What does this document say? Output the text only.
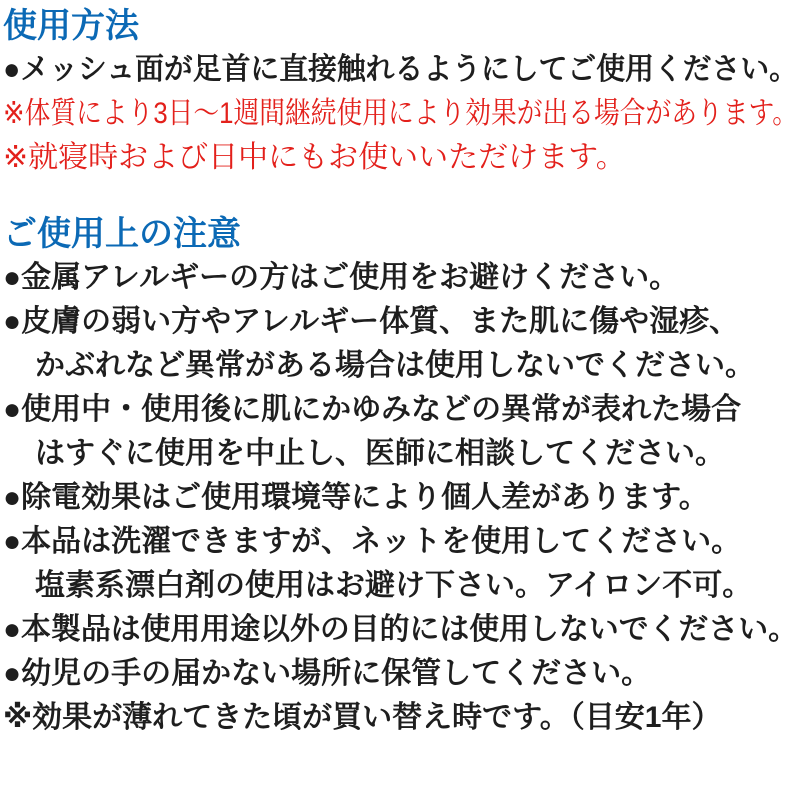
使用方法
●メッシュ面が足首に直接触れるようにしてご使用ください。
※体質により3日〜1週間継続使用により効果が出る場合があります。
※就寝時および日中にもお使いいただけます。
ご使用上の注意
●金属アレルギーの方はご使用をお避けください。
●皮膚の弱い方やアレルギー体質、また肌に傷や湿疹、
かぶれなど異常がある場合は使用しないでください。
●使用中・使用後に肌にかゆみなどの異常が表れた場合
はすぐに使用を中止し、医師に相談してください。
●除電効果はご使用環境等により個人差があります。
●本品は洗濯できますが、ネットを使用してください。
塩素系漂白剤の使用はお避け下さい。アイロン不可。
●本製品は使用用途以外の目的には使用しないでください。
●幼児の手の届かない場所に保管してください。
※効果が薄れてきた頃が買い替え時です。（目安1年）
